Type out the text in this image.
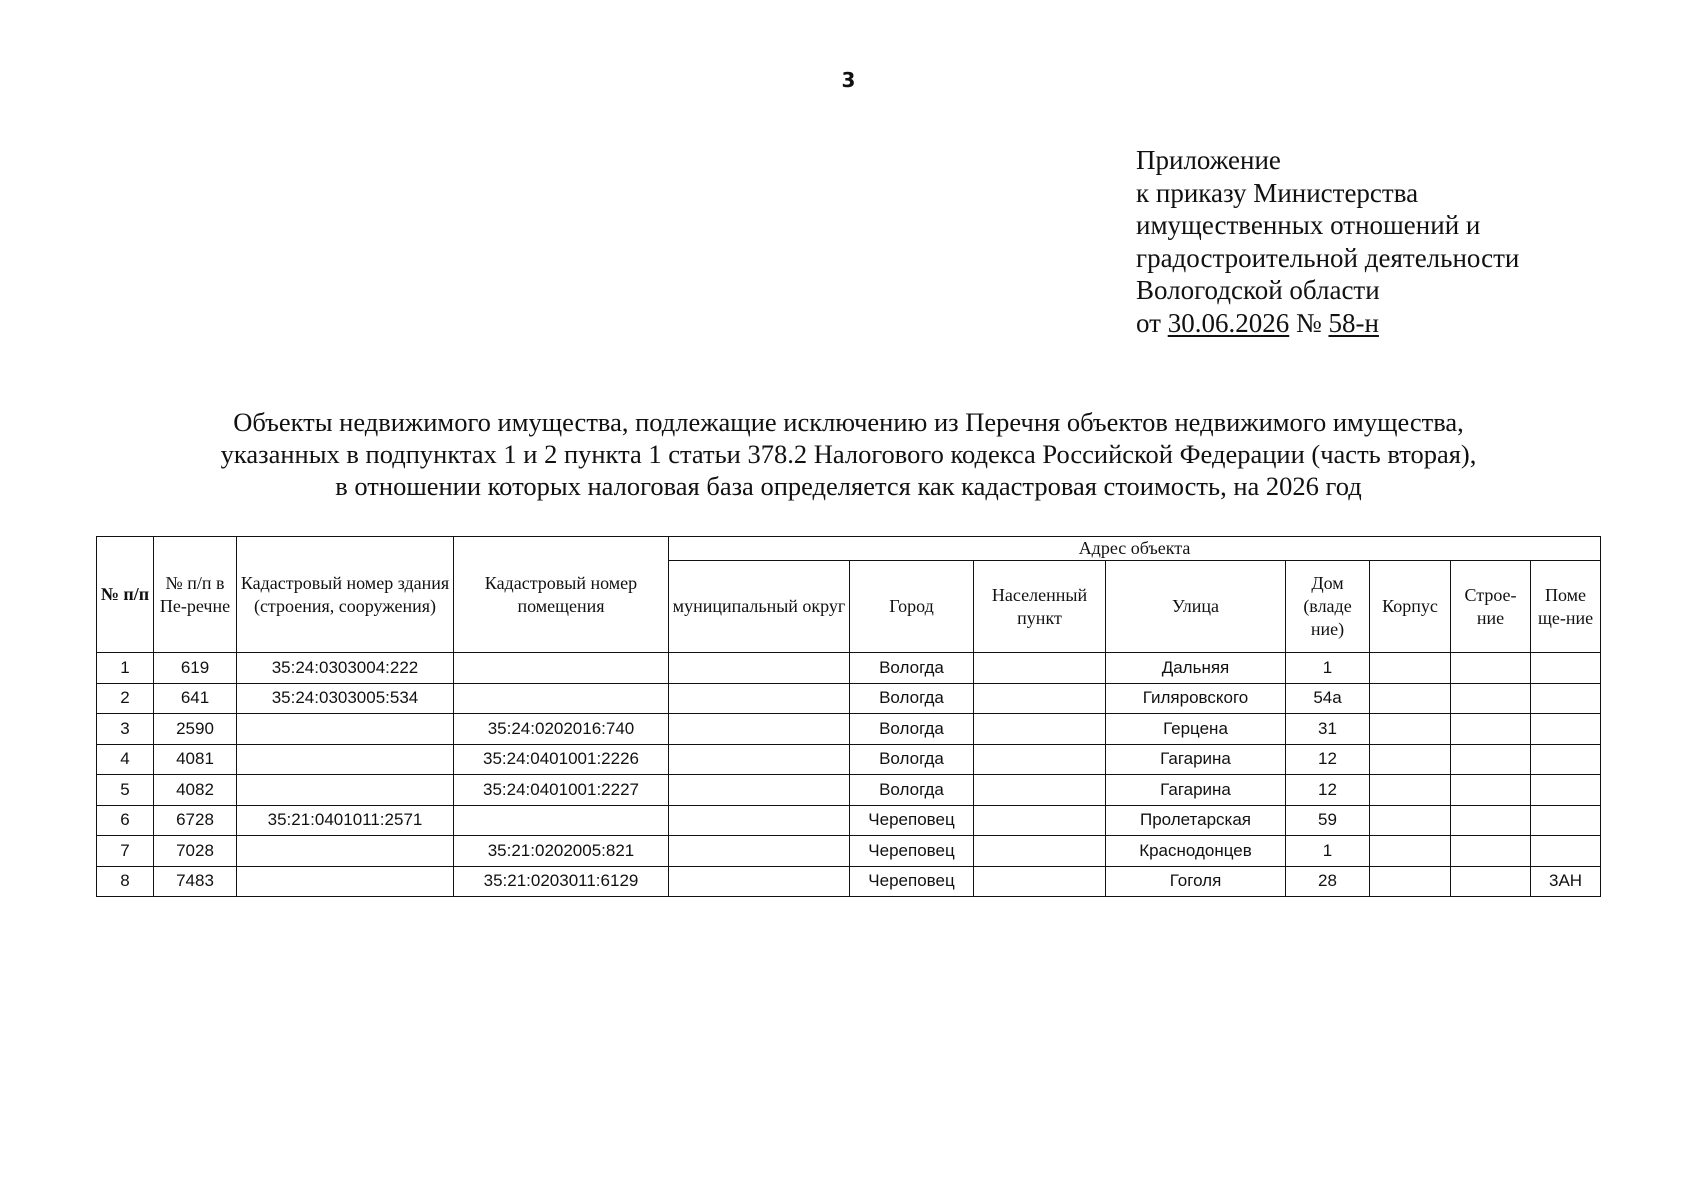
3
Приложение
к приказу Министерства
имущественных отношений и
градостроительной деятельности
Вологодской области
от 30.06.2026 № 58-н
Объекты недвижимого имущества, подлежащие исключению из Перечня объектов недвижимого имущества,
указанных в подпунктах 1 и 2 пункта 1 статьи 378.2 Налогового кодекса Российской Федерации (часть вторая),
в отношении которых налоговая база определяется как кадастровая стоимость, на 2026 год
№ п/п	№ п/п в Пе-речне	Кадастровый номер здания (строения, сооружения)	Кадастровый номер помещения	Адрес объекта							
				муниципальный округ	Город	Населенный пункт	Улица	Дом (владе ние)	Корпус	Строе-ние	Поме ще-ние
1	619	35:24:0303004:222			Вологда		Дальняя	1			
2	641	35:24:0303005:534			Вологда		Гиляровского	54а			
3	2590		35:24:0202016:740		Вологда		Герцена	31			
4	4081		35:24:0401001:2226		Вологда		Гагарина	12			
5	4082		35:24:0401001:2227		Вологда		Гагарина	12			
6	6728	35:21:0401011:2571			Череповец		Пролетарская	59			
7	7028		35:21:0202005:821		Череповец		Краснодонцев	1			
8	7483		35:21:0203011:6129		Череповец		Гоголя	28			3АН
